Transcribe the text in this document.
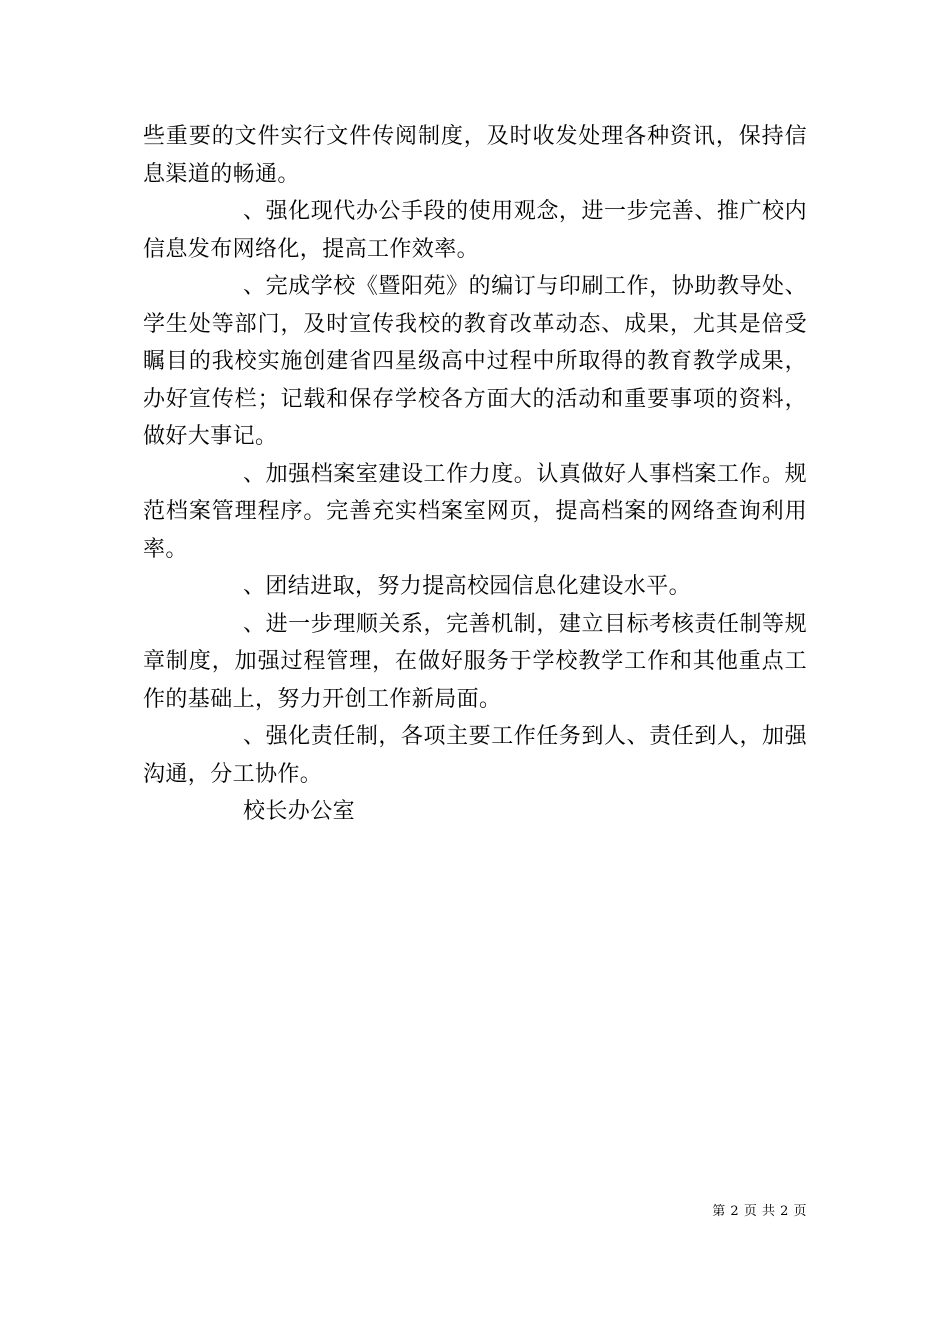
些重要的文件实行文件传阅制度，及时收发处理各种资讯，保持信息渠道的畅通。

、强化现代办公手段的使用观念，进一步完善、推广校内信息发布网络化，提高工作效率。

、完成学校《暨阳苑》的编订与印刷工作，协助教导处、学生处等部门，及时宣传我校的教育改革动态、成果，尤其是倍受瞩目的我校实施创建省四星级高中过程中所取得的教育教学成果，办好宣传栏；记载和保存学校各方面大的活动和重要事项的资料，做好大事记。

、加强档案室建设工作力度。认真做好人事档案工作。规范档案管理程序。完善充实档案室网页，提高档案的网络查询利用率。

、团结进取，努力提高校园信息化建设水平。

、进一步理顺关系，完善机制，建立目标考核责任制等规章制度，加强过程管理，在做好服务于学校教学工作和其他重点工作的基础上，努力开创工作新局面。

、强化责任制，各项主要工作任务到人、责任到人，加强沟通，分工协作。

校长办公室

第 2 页 共 2 页
